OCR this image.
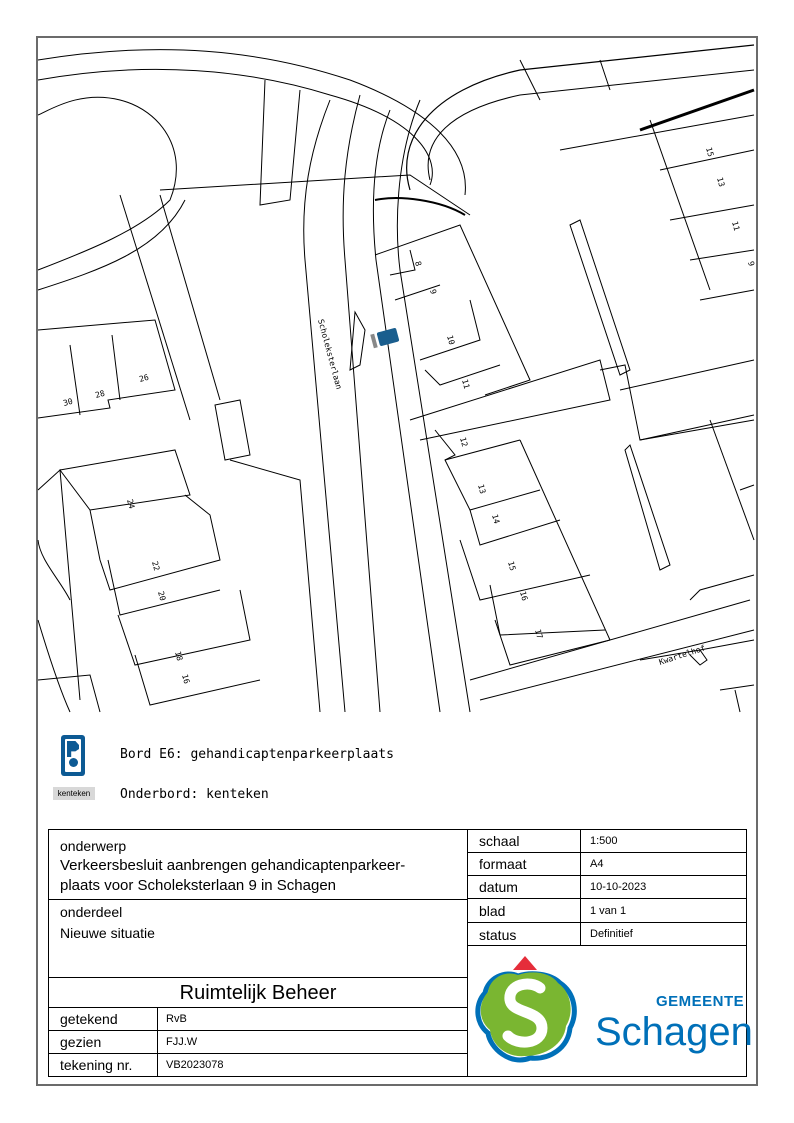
Scholeksterlaan
Kwartelhof
8
9
10
11
12
13
14
15
16
17
30
28
26
24
22
20
18
16
15
13
11
9
Bord E6: gehandicaptenparkeerplaats
kenteken	Onderbord: kenteken
onderwerp
Verkeersbesluit aanbrengen gehandicaptenparkeer-
plaats voor Scholeksterlaan 9 in Schagen
onderdeel
Nieuwe situatie
Ruimtelijk Beheer
getekend	RvB
gezien	FJJ.W
tekening nr.	VB2023078
schaal	1:500
formaat	A4
datum	10-10-2023
blad	1 van 1
status	Definitief
GEMEENTE
Schagen
